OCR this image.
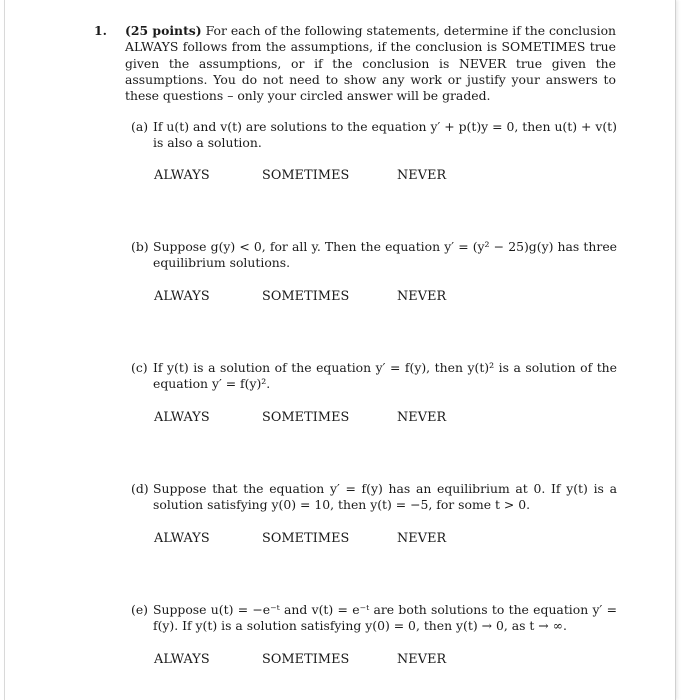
1. (25 points) For each of the following statements, determine if the conclusion ALWAYS follows from the assumptions, if the conclusion is SOMETIMES true given the assumptions, or if the conclusion is NEVER true given the assumptions. You do not need to show any work or justify your answers to these questions – only your circled answer will be graded.
(a) If u(t) and v(t) are solutions to the equation y′ + p(t)y = 0, then u(t) + v(t) is also a solution.
ALWAYS	SOMETIMES	NEVER
(b) Suppose g(y) < 0, for all y. Then the equation y′ = (y² − 25)g(y) has three equilibrium solutions.
ALWAYS	SOMETIMES	NEVER
(c) If y(t) is a solution of the equation y′ = f(y), then y(t)² is a solution of the equation y′ = f(y)².
ALWAYS	SOMETIMES	NEVER
(d) Suppose that the equation y′ = f(y) has an equilibrium at 0. If y(t) is a solution satisfying y(0) = 10, then y(t) = −5, for some t > 0.
ALWAYS	SOMETIMES	NEVER
(e) Suppose u(t) = −e⁻ᵗ and v(t) = e⁻ᵗ are both solutions to the equation y′ = f(y). If y(t) is a solution satisfying y(0) = 0, then y(t) → 0, as t → ∞.
ALWAYS	SOMETIMES	NEVER
